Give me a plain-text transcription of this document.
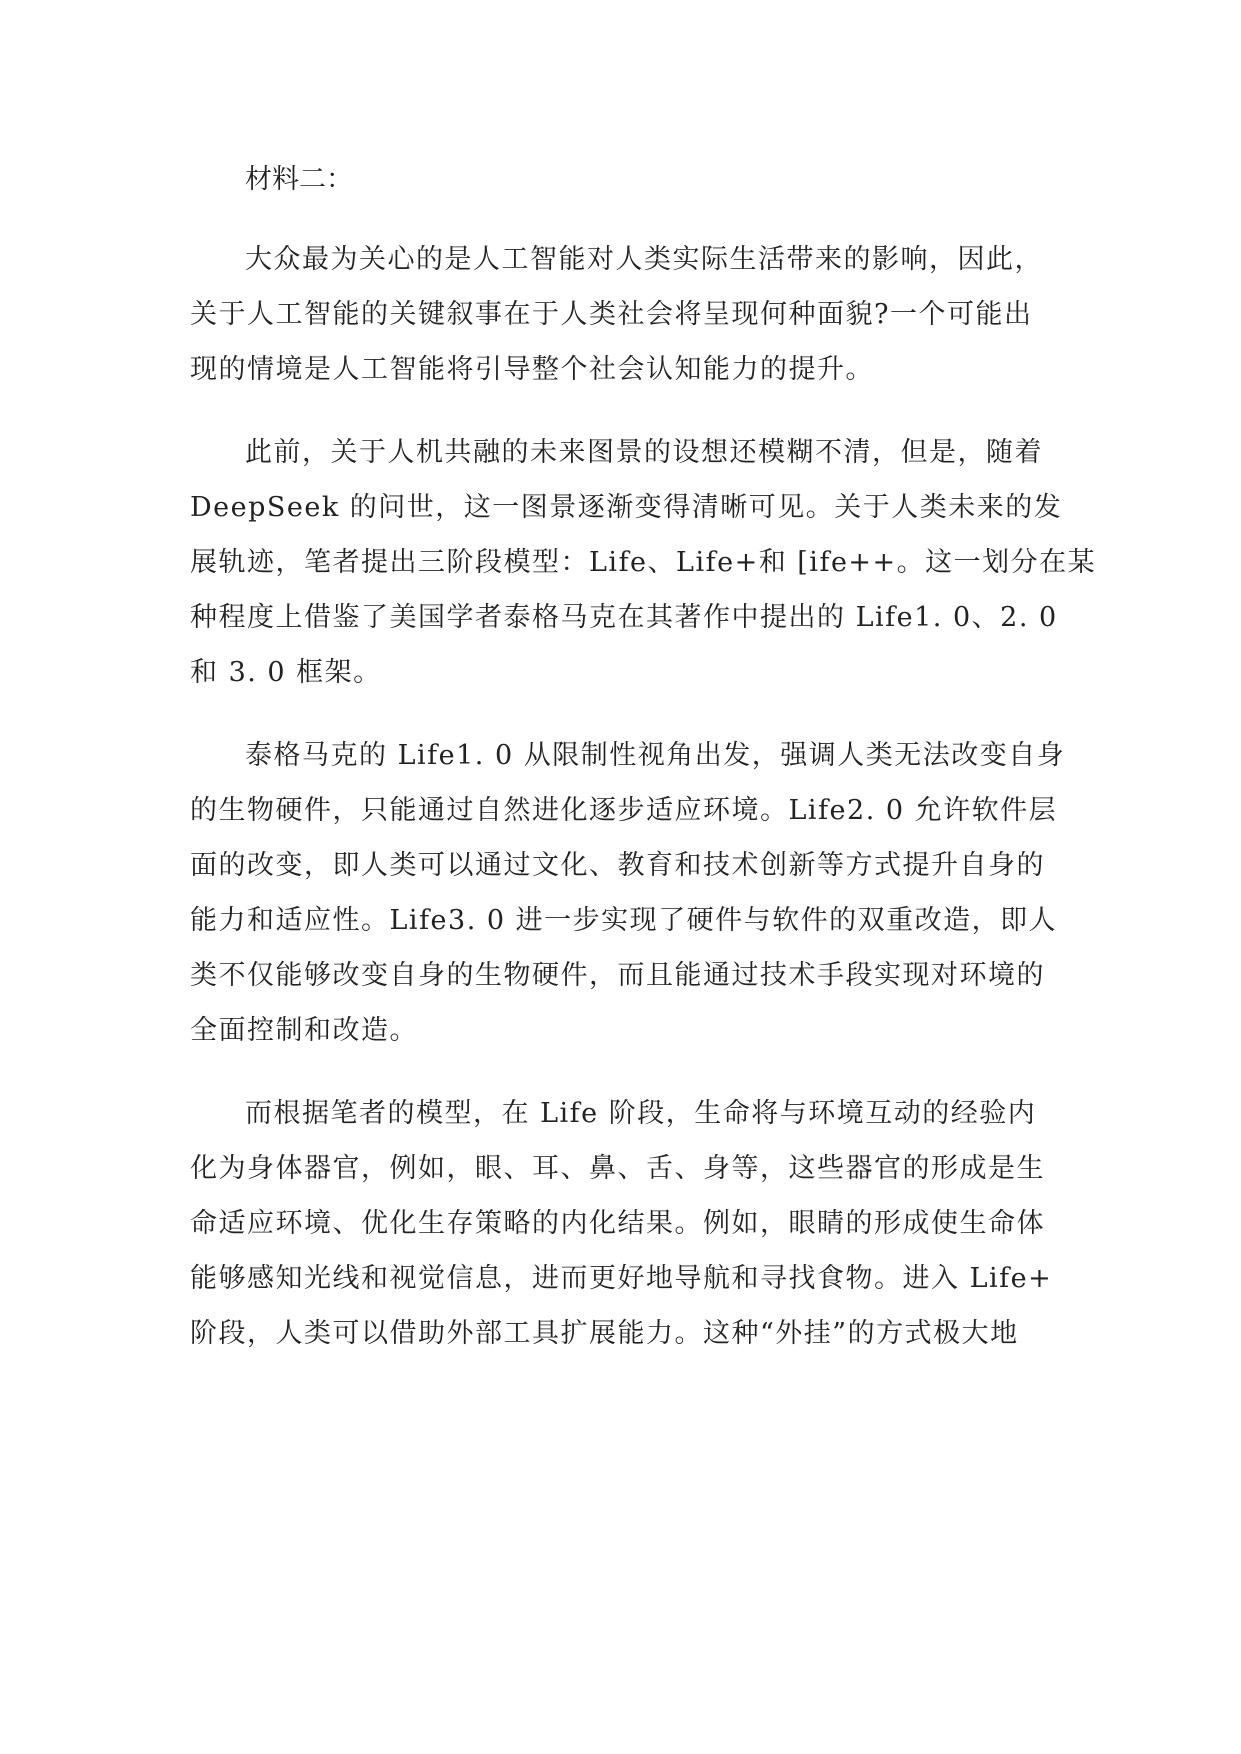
材料二：
大众最为关心的是人工智能对人类实际生活带来的影响，因此，
关于人工智能的关键叙事在于人类社会将呈现何种面貌?一个可能出
现的情境是人工智能将引导整个社会认知能力的提升。
此前，关于人机共融的未来图景的设想还模糊不清，但是，随着
DeepSeek 的问世，这一图景逐渐变得清晰可见。关于人类未来的发
展轨迹，笔者提出三阶段模型：Life、Life+和 [ife++。这一划分在某
种程度上借鉴了美国学者泰格马克在其著作中提出的 Life1. 0、2. 0
和 3. 0 框架。
泰格马克的 Life1. 0 从限制性视角出发，强调人类无法改变自身
的生物硬件，只能通过自然进化逐步适应环境。Life2. 0 允许软件层
面的改变，即人类可以通过文化、教育和技术创新等方式提升自身的
能力和适应性。Life3. 0 进一步实现了硬件与软件的双重改造，即人
类不仅能够改变自身的生物硬件，而且能通过技术手段实现对环境的
全面控制和改造。
而根据笔者的模型，在 Life 阶段，生命将与环境互动的经验内
化为身体器官，例如，眼、耳、鼻、舌、身等，这些器官的形成是生
命适应环境、优化生存策略的内化结果。例如，眼睛的形成使生命体
能够感知光线和视觉信息，进而更好地导航和寻找食物。进入 Life+
阶段，人类可以借助外部工具扩展能力。这种“外挂”的方式极大地
